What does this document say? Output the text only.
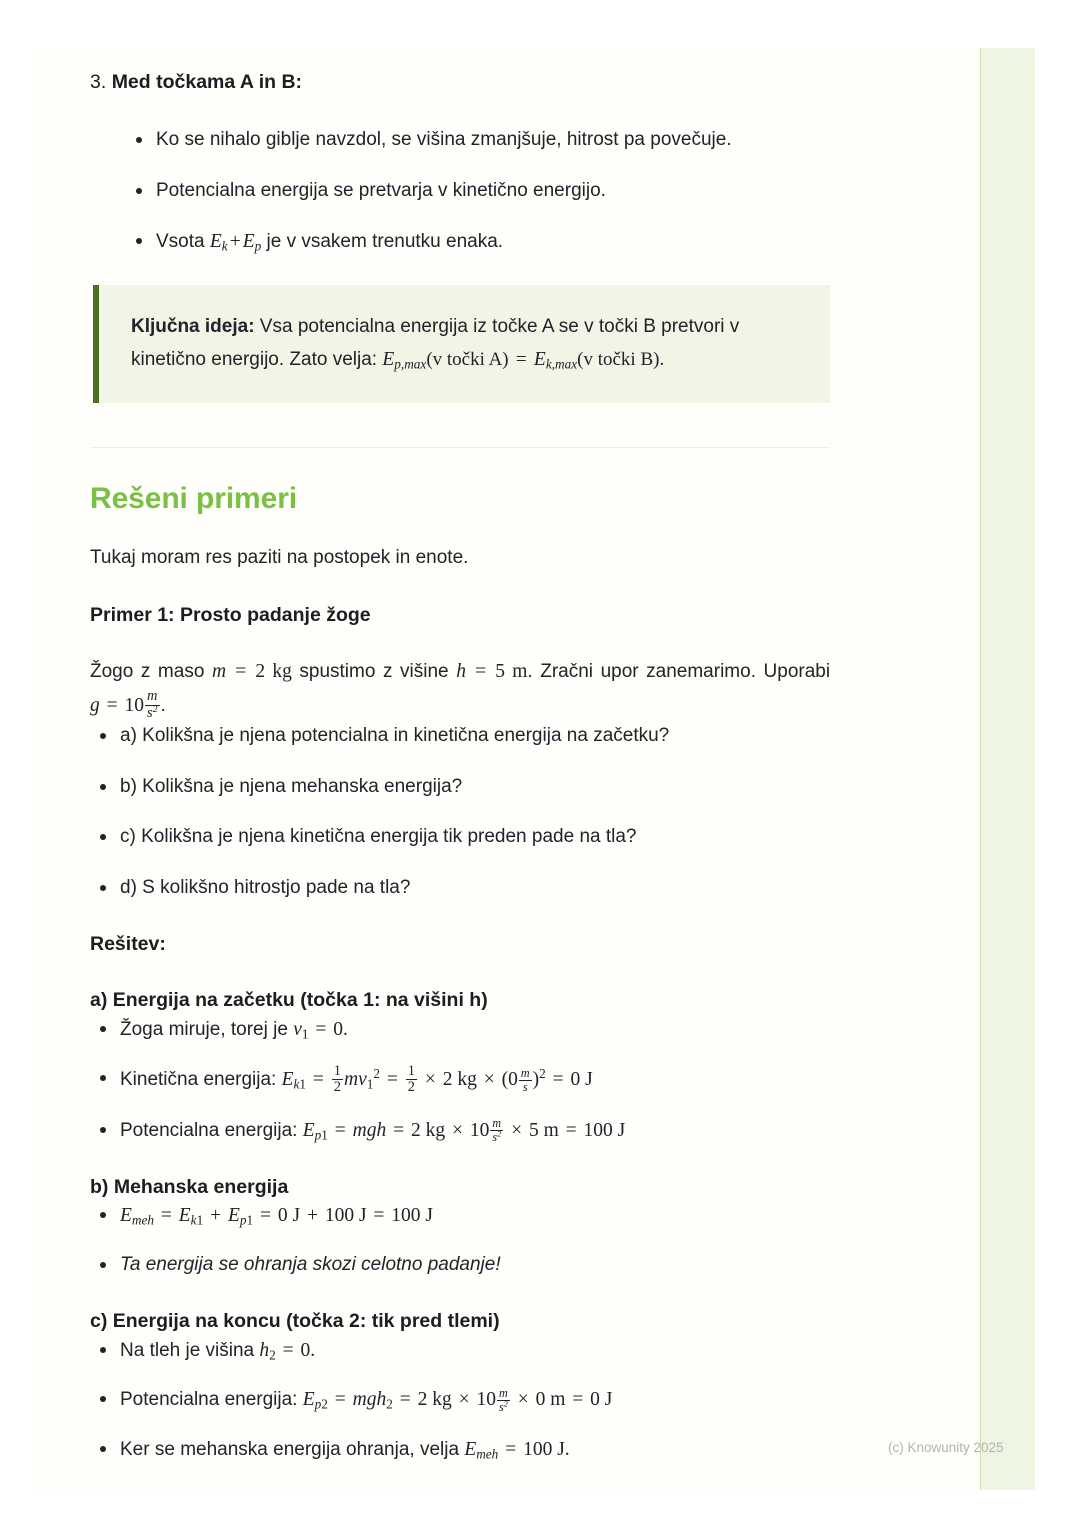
3. Med točkama A in B:
Ko se nihalo giblje navzdol, se višina zmanjšuje, hitrost pa povečuje.
Potencialna energija se pretvarja v kinetično energijo.
Vsota $E_k + E_p$ je v vsakem trenutku enaka.

Ključna ideja: Vsa potencialna energija iz točke A se v točki B pretvori v kinetično energijo. Zato velja: $E_{p,max}(v$ točki $A) = E_{k,max}(v$ točki B).

Rešeni primeri

Tukaj moram res paziti na postopek in enote.

Primer 1: Prosto padanje žoge

Žogo z maso m = 2 kg spustimo z višine h = 5 m. Zračni upor zanemarimo. Uporabi $g = 10 \frac{m}{s^2}$ .

a) Kolikšna je njena potencialna in kinetična energija na začetku?
b) Kolikšna je njena mehanska energija?
c) Kolikšna je njena kinetična energija tik preden pade na tla?
d) S kolikšno hitrostjo pade na tla?
Rešitev:
a) Energija na začetku (točka 1: na višini h)
Žoga miruje, torej je $v_1 = 0$.
Kinetična energija: $E_{k1} = \frac{1}{2} mv_1^2 = \frac{1}{2} \times 2$ kg × $(0 \frac{m}{s} )^2 = 0$ J
Potencialna energija: $E_{p1}$ = mgh = 2 kg × $10 \frac{m}{s^2} \times 5$ m = 100 J
b) Mehanska energija
$E_{meh} = E_{k1} + E_{p1} = 0$ J + 100 J = 100 J
Ta energija se ohranja skozi celotno padanje!
c) Energija na koncu (točka 2: tik pred tlemi)
Na tleh je višina $h_2 = 0$.
Potencialna energija: $E_{p2} = mgh_2 = 2$ kg × $10 \frac{m}{s^2} \times 0$ m = 0 J
Ker se mehanska energija ohranja, velja $E_{meh} = 100$ J.	(c) Knowunity 2025
